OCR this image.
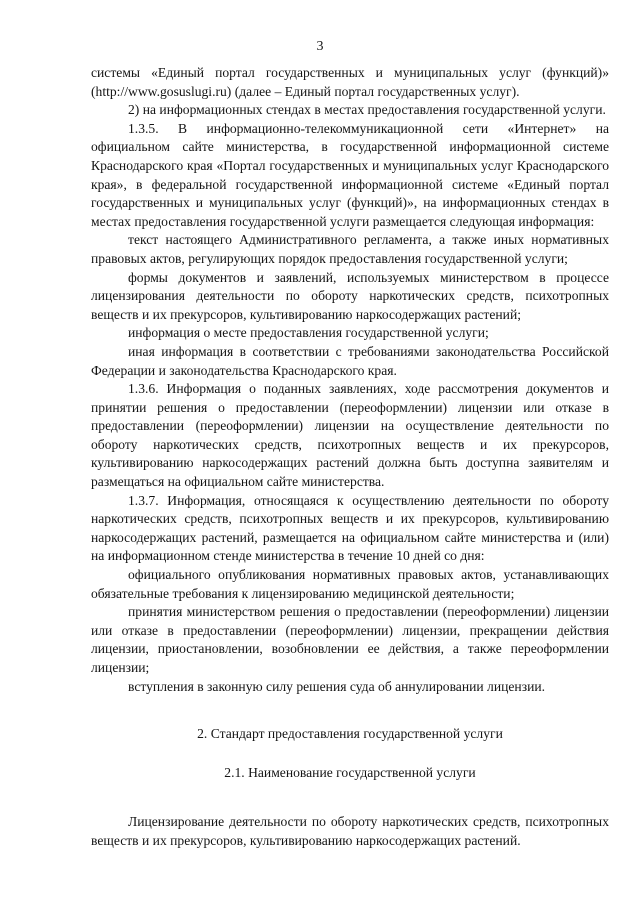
3

системы «Единый портал государственных и муниципальных услуг (функций)» (http://www.gosuslugi.ru) (далее – Единый портал государственных услуг).

2) на информационных стендах в местах предоставления государственной услуги.

1.3.5. В информационно-телекоммуникационной сети «Интернет» на официальном сайте министерства, в государственной информационной системе Краснодарского края «Портал государственных и муниципальных услуг Краснодарского края», в федеральной государственной информационной системе «Единый портал государственных и муниципальных услуг (функций)», на информационных стендах в местах предоставления государственной услуги размещается следующая информация:

текст настоящего Административного регламента, а также иных нормативных правовых актов, регулирующих порядок предоставления государственной услуги;

формы документов и заявлений, используемых министерством в процессе лицензирования деятельности по обороту наркотических средств, психотропных веществ и их прекурсоров, культивированию наркосодержащих растений;

информация о месте предоставления государственной услуги;

иная информация в соответствии с требованиями законодательства Российской Федерации и законодательства Краснодарского края.

1.3.6. Информация о поданных заявлениях, ходе рассмотрения документов и принятии решения о предоставлении (переоформлении) лицензии или отказе в предоставлении (переоформлении) лицензии на осуществление деятельности по обороту наркотических средств, психотропных веществ и их прекурсоров, культивированию наркосодержащих растений должна быть доступна заявителям и размещаться на официальном сайте министерства.

1.3.7. Информация, относящаяся к осуществлению деятельности по обороту наркотических средств, психотропных веществ и их прекурсоров, культивированию наркосодержащих растений, размещается на официальном сайте министерства и (или) на информационном стенде министерства в течение 10 дней со дня:

официального опубликования нормативных правовых актов, устанавливающих обязательные требования к лицензированию медицинской деятельности;

принятия министерством решения о предоставлении (переоформлении) лицензии или отказе в предоставлении (переоформлении) лицензии, прекращении действия лицензии, приостановлении, возобновлении ее действия, а также переоформлении лицензии;

вступления в законную силу решения суда об аннулировании лицензии.

2. Стандарт предоставления государственной услуги

2.1. Наименование государственной услуги

Лицензирование деятельности по обороту наркотических средств, психотропных веществ и их прекурсоров, культивированию наркосодержащих растений.
